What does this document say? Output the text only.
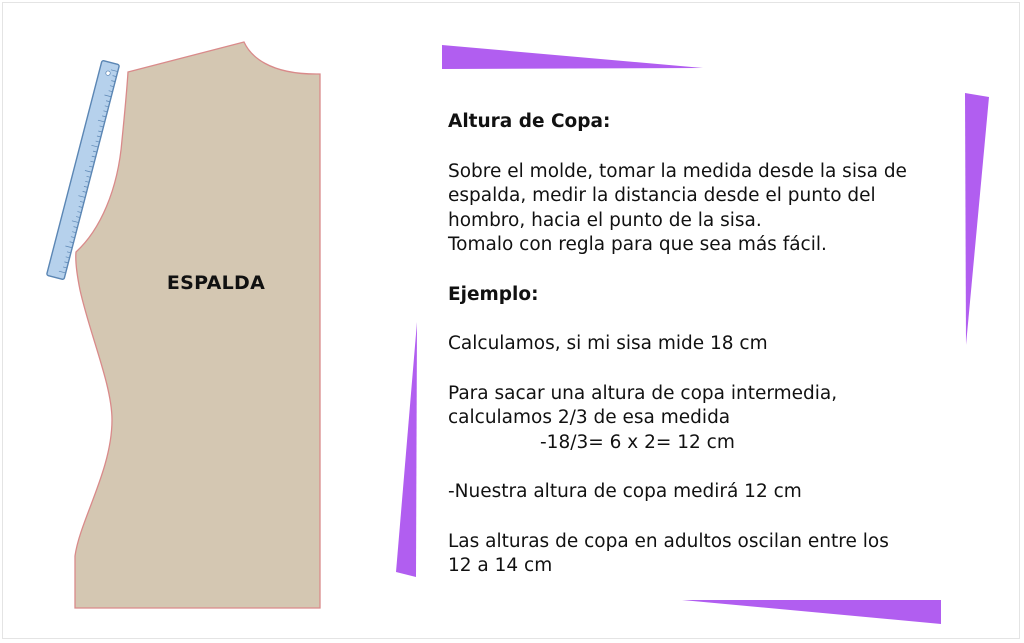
ESPALDA

Altura de Copa:

Sobre el molde, tomar la medida desde la sisa de

espalda, medir la distancia desde el punto del

hombro, hacia el punto de la sisa.

Tomalo con regla para que sea más fácil.

Ejemplo:

Calculamos, si mi sisa mide 18 cm

Para sacar una altura de copa intermedia,

calculamos 2/3 de esa medida

-18/3= 6 x 2= 12 cm

-Nuestra altura de copa medirá 12 cm

Las alturas de copa en adultos oscilan entre los

12 a 14 cm
